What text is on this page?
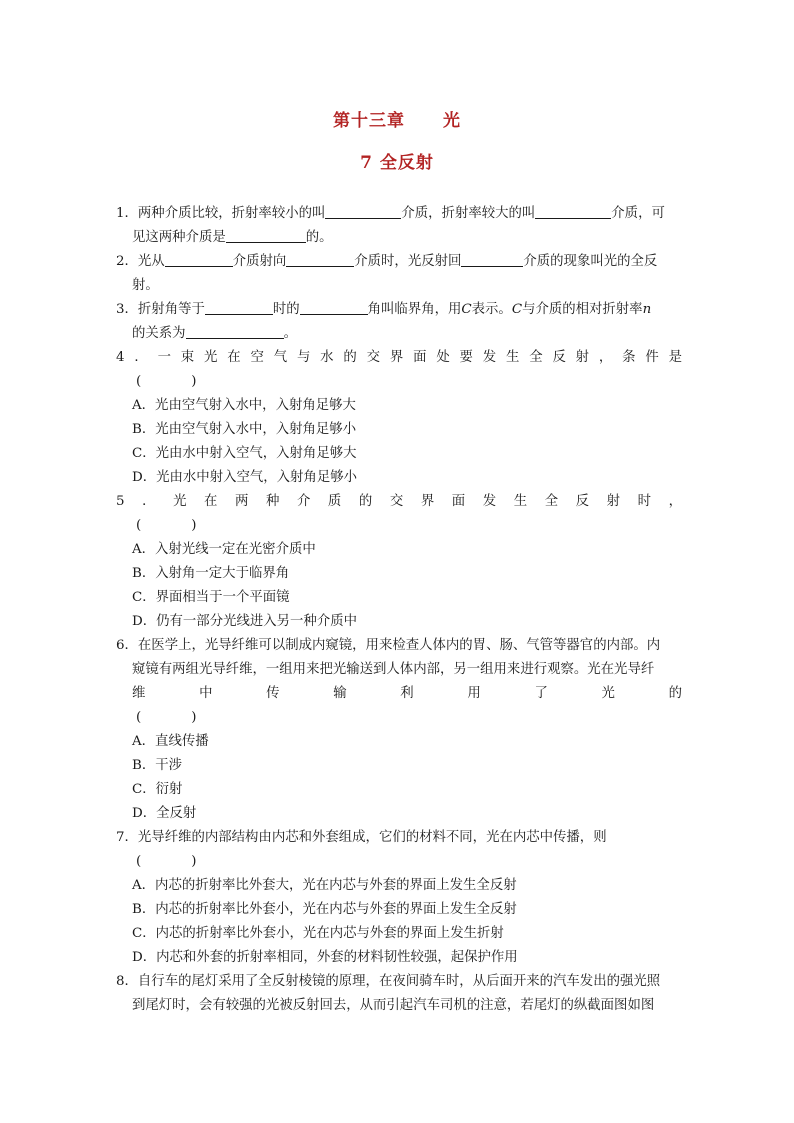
第十三章 光
7 全反射
1．两种介质比较，折射率较小的叫	介质，折射率较大的叫	介质，可
见这两种介质是	的。
2．光从	介质射向	介质时，光反射回	介质的现象叫光的全反
射。
3．折射角等于	时的	角叫临界角，用C表示。C与介质的相对折射率n
的关系为	。
4．一束光在空气与水的交界面处要发生全反射，条件是
(	)
A．光由空气射入水中，入射角足够大
B．光由空气射入水中，入射角足够小
C．光由水中射入空气，入射角足够大
D．光由水中射入空气，入射角足够小
5．光在两种介质的交界面发生全反射时，
(	)
A．入射光线一定在光密介质中
B．入射角一定大于临界角
C．界面相当于一个平面镜
D．仍有一部分光线进入另一种介质中
6．在医学上，光导纤维可以制成内窥镜，用来检查人体内的胃、肠、气管等器官的内部。内
窥镜有两组光导纤维，一组用来把光输送到人体内部，另一组用来进行观察。光在光导纤
维中传输利用了光的
(	)
A．直线传播
B．干涉
C．衍射
D．全反射
7．光导纤维的内部结构由内芯和外套组成，它们的材料不同，光在内芯中传播，则
(	)
A．内芯的折射率比外套大，光在内芯与外套的界面上发生全反射
B．内芯的折射率比外套小，光在内芯与外套的界面上发生全反射
C．内芯的折射率比外套小，光在内芯与外套的界面上发生折射
D．内芯和外套的折射率相同，外套的材料韧性较强，起保护作用
8．自行车的尾灯采用了全反射棱镜的原理，在夜间骑车时，从后面开来的汽车发出的强光照
到尾灯时，会有较强的光被反射回去，从而引起汽车司机的注意，若尾灯的纵截面图如图
